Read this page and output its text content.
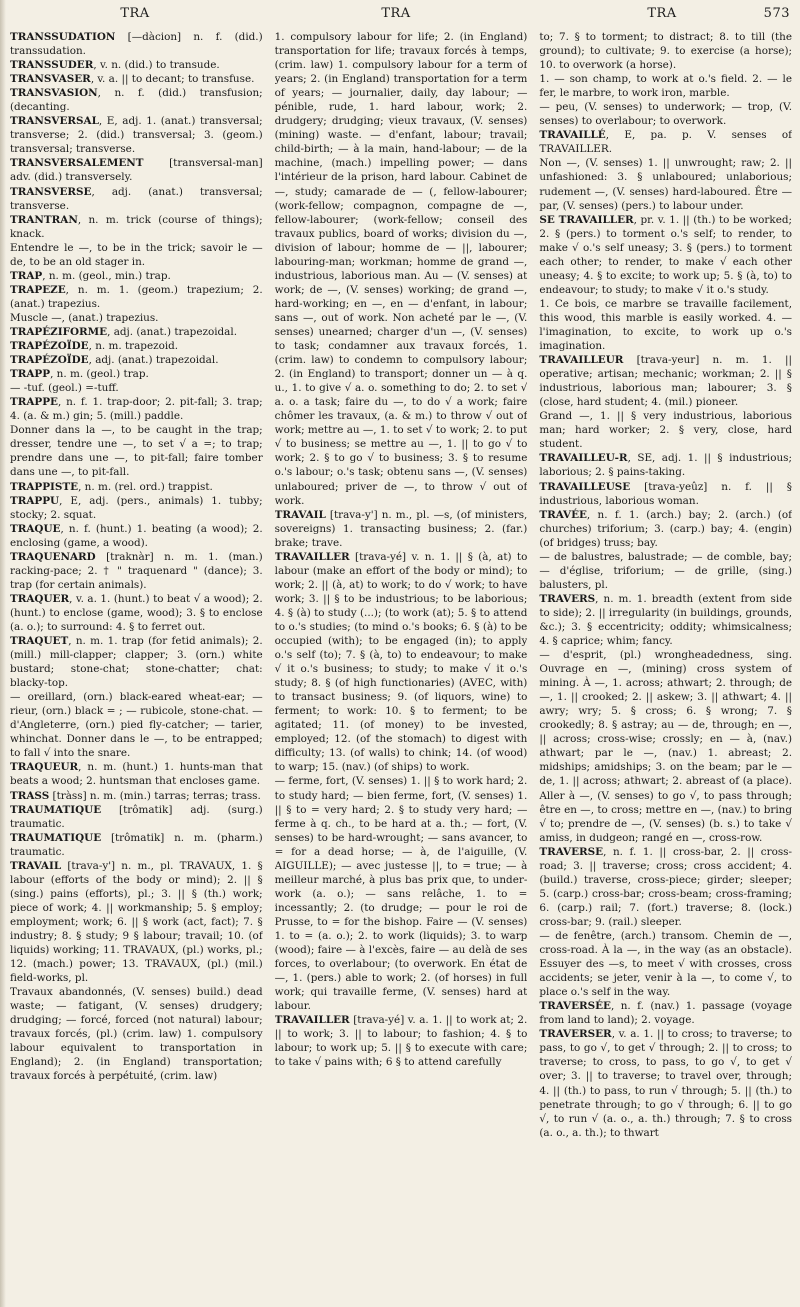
TRA	TRA	TRA	573

TRANSSUDATION [—dàcion] n. f. (did.) transsudation.

TRANSSUDER, v. n. (did.) to transude.

TRANSVASER, v. a. || to decant; to transfuse.

TRANSVASION, n. f. (did.) transfusion; (decanting.

TRANSVERSAL, E, adj. 1. (anat.) transversal; transverse; 2. (did.) transversal; 3. (geom.) transversal; transverse.

TRANSVERSALEMENT [transversal-man] adv. (did.) transversely.

TRANSVERSE, adj. (anat.) transversal; transverse.

TRANTRAN, n. m. trick (course of things); knack.

Entendre le —, to be in the trick; savoir le — de, to be an old stager in.

TRAP, n. m. (geol., min.) trap.

TRAPEZE, n. m. 1. (geom.) trapezium; 2. (anat.) trapezius.

Muscle —, (anat.) trapezius.

TRAPÉZIFORME, adj. (anat.) trapezoidal.

TRAPÉZOÏDE, n. m. trapezoid.

TRAPÉZOÏDE, adj. (anat.) trapezoidal.

TRAPP, n. m. (geol.) trap.

— -tuf. (geol.) =-tuff.

TRAPPE, n. f. 1. trap-door; 2. pit-fall; 3. trap; 4. (a. & m.) gin; 5. (mill.) paddle.

Donner dans la —, to be caught in the trap; dresser, tendre une —, to set √ a =; to trap; prendre dans une —, to pit-fall; faire tomber dans une —, to pit-fall.

TRAPPISTE, n. m. (rel. ord.) trappist.

TRAPPU, E, adj. (pers., animals) 1. tubby; stocky; 2. squat.

TRAQUE, n. f. (hunt.) 1. beating (a wood); 2. enclosing (game, a wood).

TRAQUENARD [traknàr] n. m. 1. (man.) racking-pace; 2. † " traquenard " (dance); 3. trap (for certain animals).

TRAQUER, v. a. 1. (hunt.) to beat √ a wood); 2. (hunt.) to enclose (game, wood); 3. § to enclose (a. o.); to surround: 4. § to ferret out.

TRAQUET, n. m. 1. trap (for fetid animals); 2. (mill.) mill-clapper; clapper; 3. (orn.) white bustard; stone-chat; stone-chatter; chat: blacky-top.

— oreillard, (orn.) black-eared wheat-ear; — rieur, (orn.) black = ; — rubicole, stone-chat. — d'Angleterre, (orn.) pied fly-catcher; — tarier, whinchat. Donner dans le —, to be entrapped; to fall √ into the snare.

TRAQUEUR, n. m. (hunt.) 1. hunts-man that beats a wood; 2. huntsman that encloses game.

TRASS [tràss] n. m. (min.) tarras; terras; trass.

TRAUMATIQUE [trômatik] adj. (surg.) traumatic.

TRAUMATIQUE [trômatik] n. m. (pharm.) traumatic.

TRAVAIL [trava-y'] n. m., pl. TRAVAUX, 1. § labour (efforts of the body or mind); 2. || § (sing.) pains (efforts), pl.; 3. || § (th.) work; piece of work; 4. || workmanship; 5. § employ; employment; work; 6. || § work (act, fact); 7. § industry; 8. § study; 9 § labour; travail; 10. (of liquids) working; 11. TRAVAUX, (pl.) works, pl.; 12. (mach.) power; 13. TRAVAUX, (pl.) (mil.) field-works, pl.

Travaux abandonnés, (V. senses) build.) dead waste; — fatigant, (V. senses) drudgery; drudging; — forcé, forced (not natural) labour; travaux forcés, (pl.) (crim. law) 1. compulsory labour equivalent to transportation in England); 2. (in England) transportation; travaux forcés à perpétuité, (crim. law)

1. compulsory labour for life; 2. (in England) transportation for life; travaux forcés à temps, (crim. law) 1. compulsory labour for a term of years; 2. (in England) transportation for a term of years; — journalier, daily, day labour; — pénible, rude, 1. hard labour, work; 2. drudgery; drudging; vieux travaux, (V. senses) (mining) waste. — d'enfant, labour; travail; child-birth; — à la main, hand-labour; — de la machine, (mach.) impelling power; — dans l'intérieur de la prison, hard labour. Cabinet de —, study; camarade de — (, fellow-labourer; (work-fellow; compagnon, compagne de —, fellow-labourer; (work-fellow; conseil des travaux publics, board of works; division du —, division of labour; homme de — ||, labourer; labouring-man; workman; homme de grand —, industrious, laborious man. Au — (V. senses) at work; de —, (V. senses) working; de grand —, hard-working; en —, en — d'enfant, in labour; sans —, out of work. Non acheté par le —, (V. senses) unearned; charger d'un —, (V. senses) to task; condamner aux travaux forcés, 1. (crim. law) to condemn to compulsory labour; 2. (in England) to transport; donner un — à q. u., 1. to give √ a. o. something to do; 2. to set √ a. o. a task; faire du —, to do √ a work; faire chômer les travaux, (a. & m.) to throw √ out of work; mettre au —, 1. to set √ to work; 2. to put √ to business; se mettre au —, 1. || to go √ to work; 2. § to go √ to business; 3. § to resume o.'s labour; o.'s task; obtenu sans —, (V. senses) unlaboured; priver de —, to throw √ out of work.

TRAVAIL [trava-y'] n. m., pl. —s, (of ministers, sovereigns) 1. transacting business; 2. (far.) brake; trave.

TRAVAILLER [trava-yé] v. n. 1. || § (à, at) to labour (make an effort of the body or mind); to work; 2. || (à, at) to work; to do √ work; to have work; 3. || § to be industrious; to be laborious; 4. § (à) to study (...); (to work (at); 5. § to attend to o.'s studies; (to mind o.'s books; 6. § (à) to be occupied (with); to be engaged (in); to apply o.'s self (to); 7. § (à, to) to endeavour; to make √ it o.'s business; to study; to make √ it o.'s study; 8. § (of high functionaries) (AVEC, with) to transact business; 9. (of liquors, wine) to ferment; to work: 10. § to ferment; to be agitated; 11. (of money) to be invested, employed; 12. (of the stomach) to digest with difficulty; 13. (of walls) to chink; 14. (of wood) to warp; 15. (nav.) (of ships) to work.

— ferme, fort, (V. senses) 1. || § to work hard; 2. to study hard; — bien ferme, fort, (V. senses) 1. || § to = very hard; 2. § to study very hard; — ferme à q. ch., to be hard at a. th.; — fort, (V. senses) to be hard-wrought; — sans avancer, to = for a dead horse; — à, de l'aiguille, (V. AIGUILLE); — avec justesse ||, to = true; — à meilleur marché, à plus bas prix que, to under-work (a. o.); — sans relâche, 1. to = incessantly; 2. (to drudge; — pour le roi de Prusse, to = for the bishop. Faire — (V. senses) 1. to = (a. o.); 2. to work (liquids); 3. to warp (wood); faire — à l'excès, faire — au delà de ses forces, to overlabour; (to overwork. En état de —, 1. (pers.) able to work; 2. (of horses) in full work; qui travaille ferme, (V. senses) hard at labour.

TRAVAILLER [trava-yé] v. a. 1. || to work at; 2. || to work; 3. || to labour; to fashion; 4. § to labour; to work up; 5. || § to execute with care; to take √ pains with; 6 § to attend carefully

to; 7. § to torment; to distract; 8. to till (the ground); to cultivate; 9. to exercise (a horse); 10. to overwork (a horse).

1. — son champ, to work at o.'s field. 2. — le fer, le marbre, to work iron, marble.

— peu, (V. senses) to underwork; — trop, (V. senses) to overlabour; to overwork.

TRAVAILLÉ, E, pa. p. V. senses of TRAVAILLER.

Non —, (V. senses) 1. || unwrought; raw; 2. || unfashioned: 3. § unlaboured; unlaborious; rudement —, (V. senses) hard-laboured. Être — par, (V. senses) (pers.) to labour under.

SE TRAVAILLER, pr. v. 1. || (th.) to be worked; 2. § (pers.) to torment o.'s self; to render, to make √ o.'s self uneasy; 3. § (pers.) to torment each other; to render, to make √ each other uneasy; 4. § to excite; to work up; 5. § (à, to) to endeavour; to study; to make √ it o.'s study.

1. Ce bois, ce marbre se travaille facilement, this wood, this marble is easily worked. 4. — l'imagination, to excite, to work up o.'s imagination.

TRAVAILLEUR [trava-yeur] n. m. 1. || operative; artisan; mechanic; workman; 2. || § industrious, laborious man; labourer; 3. § (close, hard student; 4. (mil.) pioneer.

Grand —, 1. || § very industrious, laborious man; hard worker; 2. § very, close, hard student.

TRAVAILLEU-R, SE, adj. 1. || § industrious; laborious; 2. § pains-taking.

TRAVAILLEUSE [trava-yeûz] n. f. || § industrious, laborious woman.

TRAVÉE, n. f. 1. (arch.) bay; 2. (arch.) (of churches) triforium; 3. (carp.) bay; 4. (engin) (of bridges) truss; bay.

— de balustres, balustrade; — de comble, bay; — d'église, triforium; — de grille, (sing.) balusters, pl.

TRAVERS, n. m. 1. breadth (extent from side to side); 2. || irregularity (in buildings, grounds, &c.); 3. § eccentricity; oddity; whimsicalness; 4. § caprice; whim; fancy.

— d'esprit, (pl.) wrongheadedness, sing. Ouvrage en —, (mining) cross system of mining. À —, 1. across; athwart; 2. through; de —, 1. || crooked; 2. || askew; 3. || athwart; 4. || awry; wry; 5. § cross; 6. § wrong; 7. § crookedly; 8. § astray; au — de, through; en —, || across; cross-wise; crossly; en — à, (nav.) athwart; par le —, (nav.) 1. abreast; 2. midships; amidships; 3. on the beam; par le — de, 1. || across; athwart; 2. abreast of (a place). Aller à —, (V. senses) to go √, to pass through; être en —, to cross; mettre en —, (nav.) to bring √ to; prendre de —, (V. senses) (b. s.) to take √ amiss, in dudgeon; rangé en —, cross-row.

TRAVERSE, n. f. 1. || cross-bar, 2. || cross-road; 3. || traverse; cross; cross accident; 4. (build.) traverse, cross-piece; girder; sleeper; 5. (carp.) cross-bar; cross-beam; cross-framing; 6. (carp.) rail; 7. (fort.) traverse; 8. (lock.) cross-bar; 9. (rail.) sleeper.

— de fenêtre, (arch.) transom. Chemin de —, cross-road. À la —, in the way (as an obstacle). Essuyer des —s, to meet √ with crosses, cross accidents; se jeter, venir à la —, to come √, to place o.'s self in the way.

TRAVERSÉE, n. f. (nav.) 1. passage (voyage from land to land); 2. voyage.

TRAVERSER, v. a. 1. || to cross; to traverse; to pass, to go √, to get √ through; 2. || to cross; to traverse; to cross, to pass, to go √, to get √ over; 3. || to traverse; to travel over, through; 4. || (th.) to pass, to run √ through; 5. || (th.) to penetrate through; to go √ through; 6. || to go √, to run √ (a. o., a. th.) through; 7. § to cross (a. o., a. th.); to thwart
